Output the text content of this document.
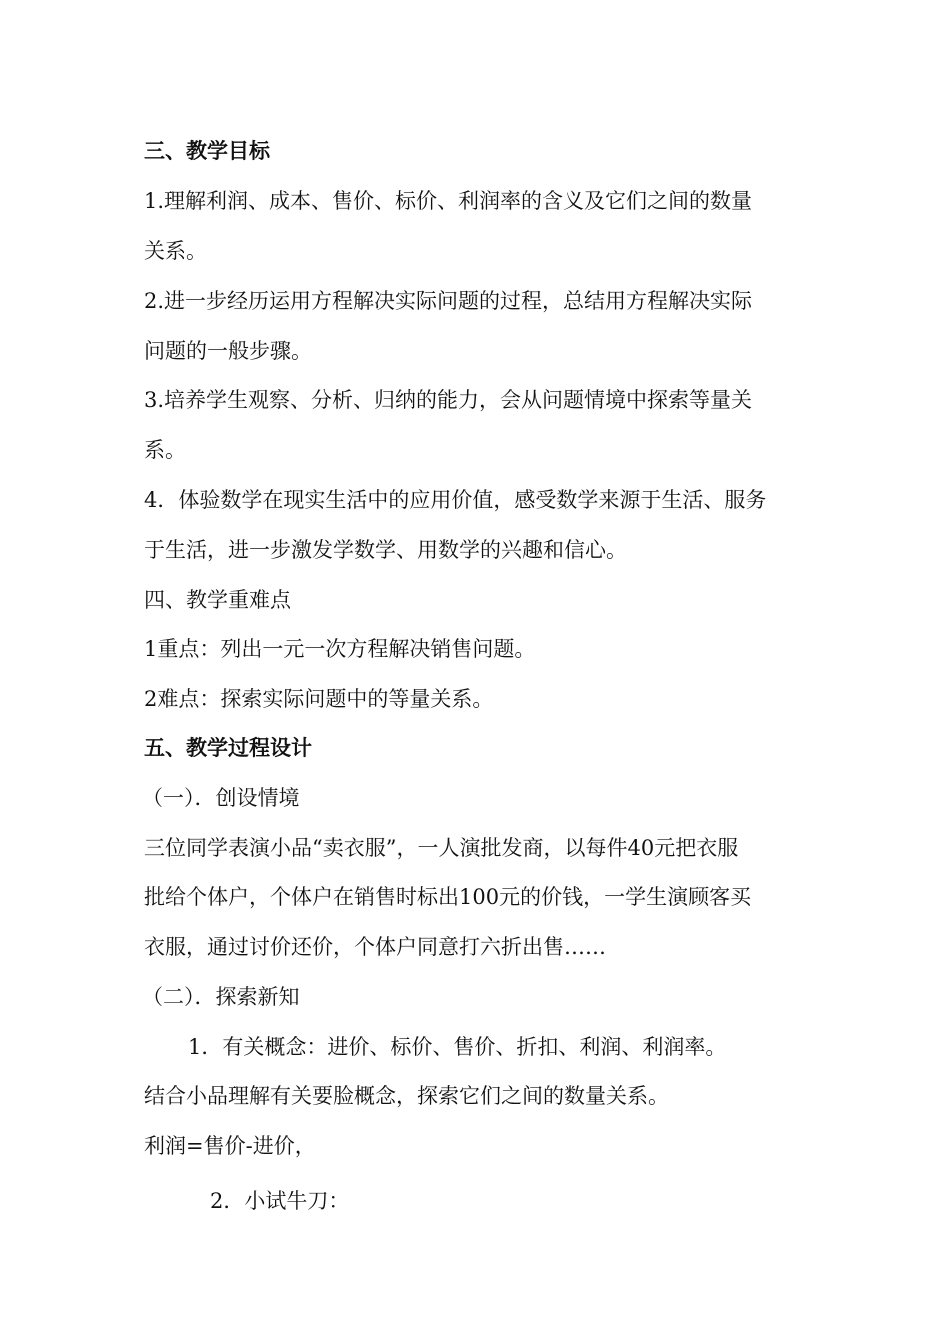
三、教学目标
1.理解利润、成本、售价、标价、利润率的含义及它们之间的数量
关系。
2.进一步经历运用方程解决实际问题的过程，总结用方程解决实际
问题的一般步骤。
3.培养学生观察、分析、归纳的能力，会从问题情境中探索等量关
系。
4．体验数学在现实生活中的应用价值，感受数学来源于生活、服务
于生活，进一步激发学数学、用数学的兴趣和信心。
四、教学重难点
1重点：列出一元一次方程解决销售问题。
2难点：探索实际问题中的等量关系。
五、教学过程设计
（一）．创设情境
三位同学表演小品“卖衣服”，一人演批发商，以每件40元把衣服
批给个体户，个体户在销售时标出100元的价钱，一学生演顾客买
衣服，通过讨价还价，个体户同意打六折出售……
（二）．探索新知
1．有关概念：进价、标价、售价、折扣、利润、利润率。
结合小品理解有关要脸概念，探索它们之间的数量关系。
利润=售价-进价，
2．小试牛刀：
